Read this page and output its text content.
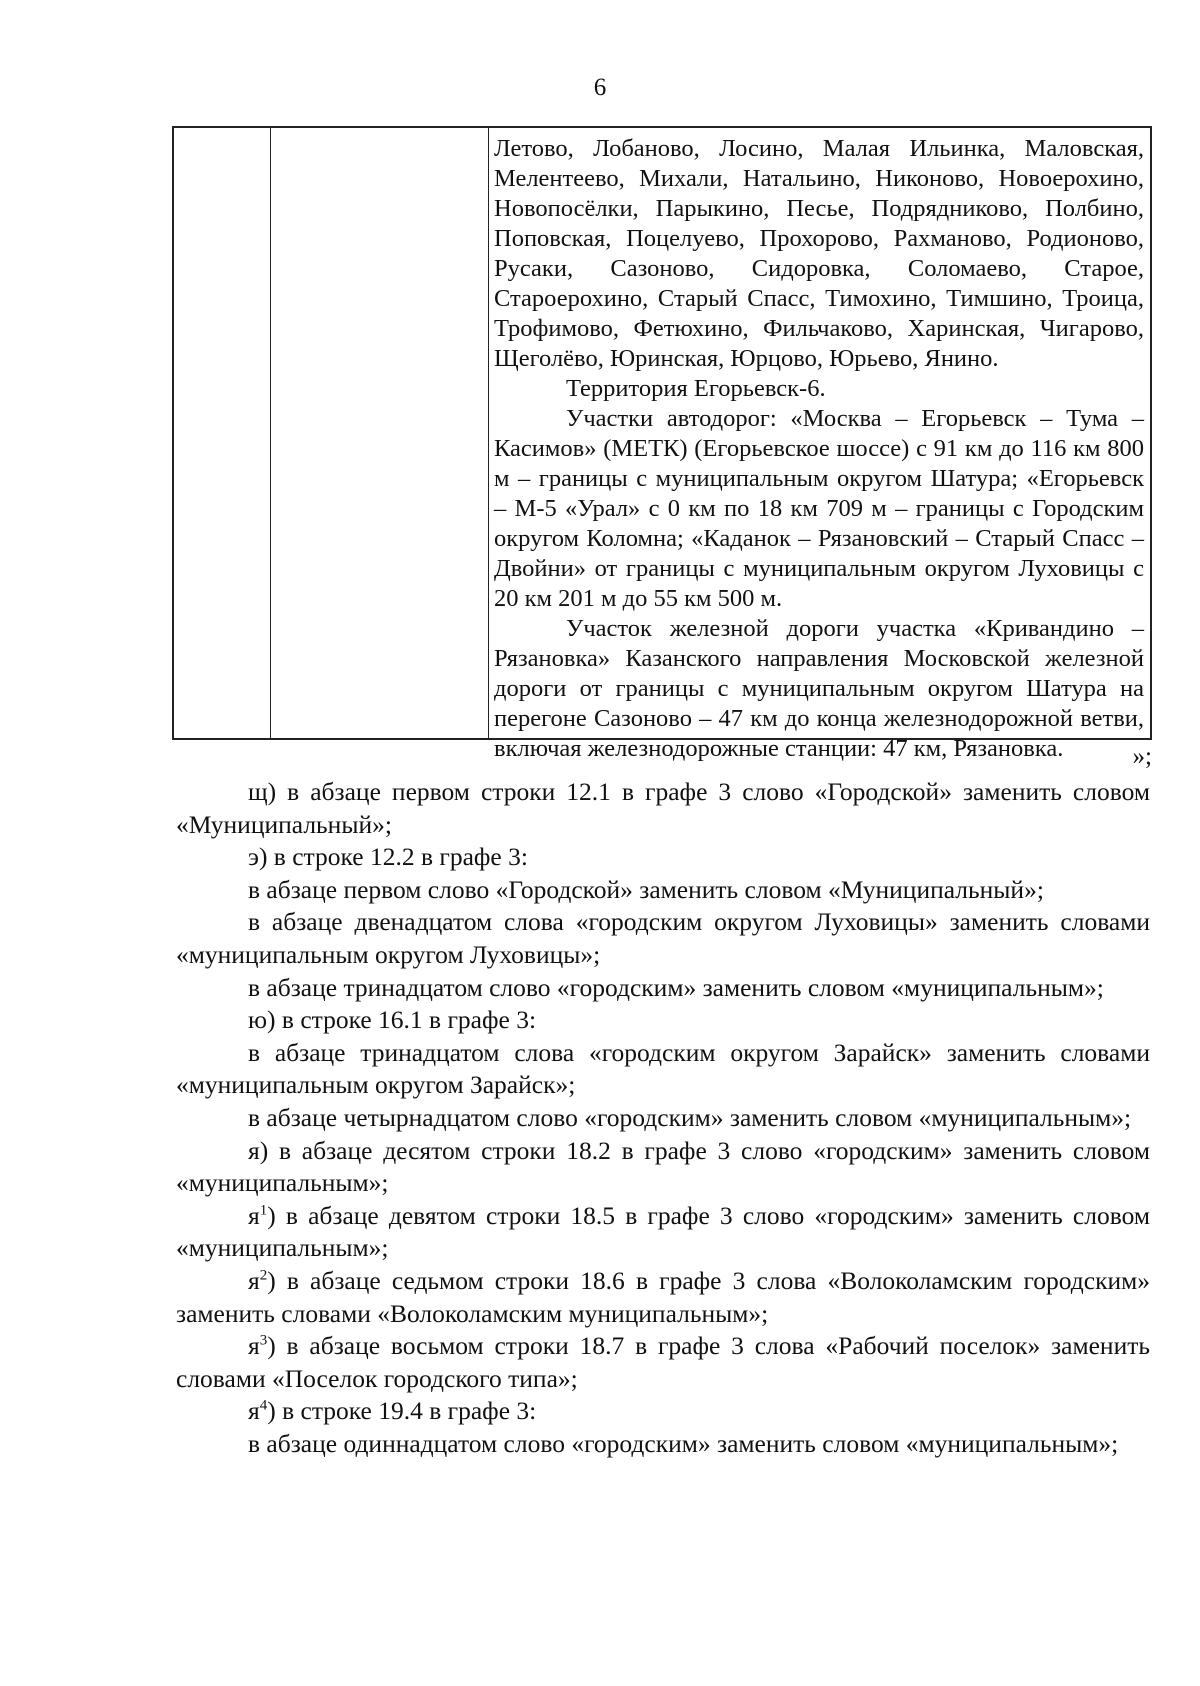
6

Летово, Лобаново, Лосино, Малая Ильинка, Маловская, Мелентеево, Михали, Натальино, Никоново, Новоерохино, Новопосёлки, Парыкино, Песье, Подрядниково, Полбино, Поповская, Поцелуево, Прохорово, Рахманово, Родионово, Русаки, Сазоново, Сидоровка, Соломаево, Старое, Староерохино, Старый Спасс, Тимохино, Тимшино, Троица, Трофимово, Фетюхино, Фильчаково, Харинская, Чигарово, Щеголёво, Юринская, Юрцово, Юрьево, Янино.

Территория Егорьевск-6.

Участки автодорог: «Москва – Егорьевск – Тума – Касимов» (МЕТК) (Егорьевское шоссе) с 91 км до 116 км 800 м – границы с муниципальным округом Шатура; «Егорьевск – М-5 «Урал» с 0 км по 18 км 709 м – границы с Городским округом Коломна; «Каданок – Рязановский – Старый Спасс – Двойни» от границы с муниципальным округом Луховицы с 20 км 201 м до 55 км 500 м.

Участок железной дороги участка «Кривандино – Рязановка» Казанского направления Московской железной дороги от границы с муниципальным округом Шатура на перегоне Сазоново – 47 км до конца железнодорожной ветви, включая железнодорожные станции: 47 км, Рязановка.	»;

щ) в абзаце первом строки 12.1 в графе 3 слово «Городской» заменить словом «Муниципальный»;

э) в строке 12.2 в графе 3:

в абзаце первом слово «Городской» заменить словом «Муниципальный»;

в абзаце двенадцатом слова «городским округом Луховицы» заменить словами «муниципальным округом Луховицы»;

в абзаце тринадцатом слово «городским» заменить словом «муниципальным»;

ю) в строке 16.1 в графе 3:

в абзаце тринадцатом слова «городским округом Зарайск» заменить словами «муниципальным округом Зарайск»;

в абзаце четырнадцатом слово «городским» заменить словом «муниципальным»;

я) в абзаце десятом строки 18.2 в графе 3 слово «городским» заменить словом «муниципальным»;

$я^1$) в абзаце девятом строки 18.5 в графе 3 слово «городским» заменить словом «муниципальным»;

$я^2$) в абзаце седьмом строки 18.6 в графе 3 слова «Волоколамским городским» заменить словами «Волоколамским муниципальным»;

$я^3$) в абзаце восьмом строки 18.7 в графе 3 слова «Рабочий поселок» заменить словами «Поселок городского типа»;

$я^4$) в строке 19.4 в графе 3:

в абзаце одиннадцатом слово «городским» заменить словом «муниципальным»;
